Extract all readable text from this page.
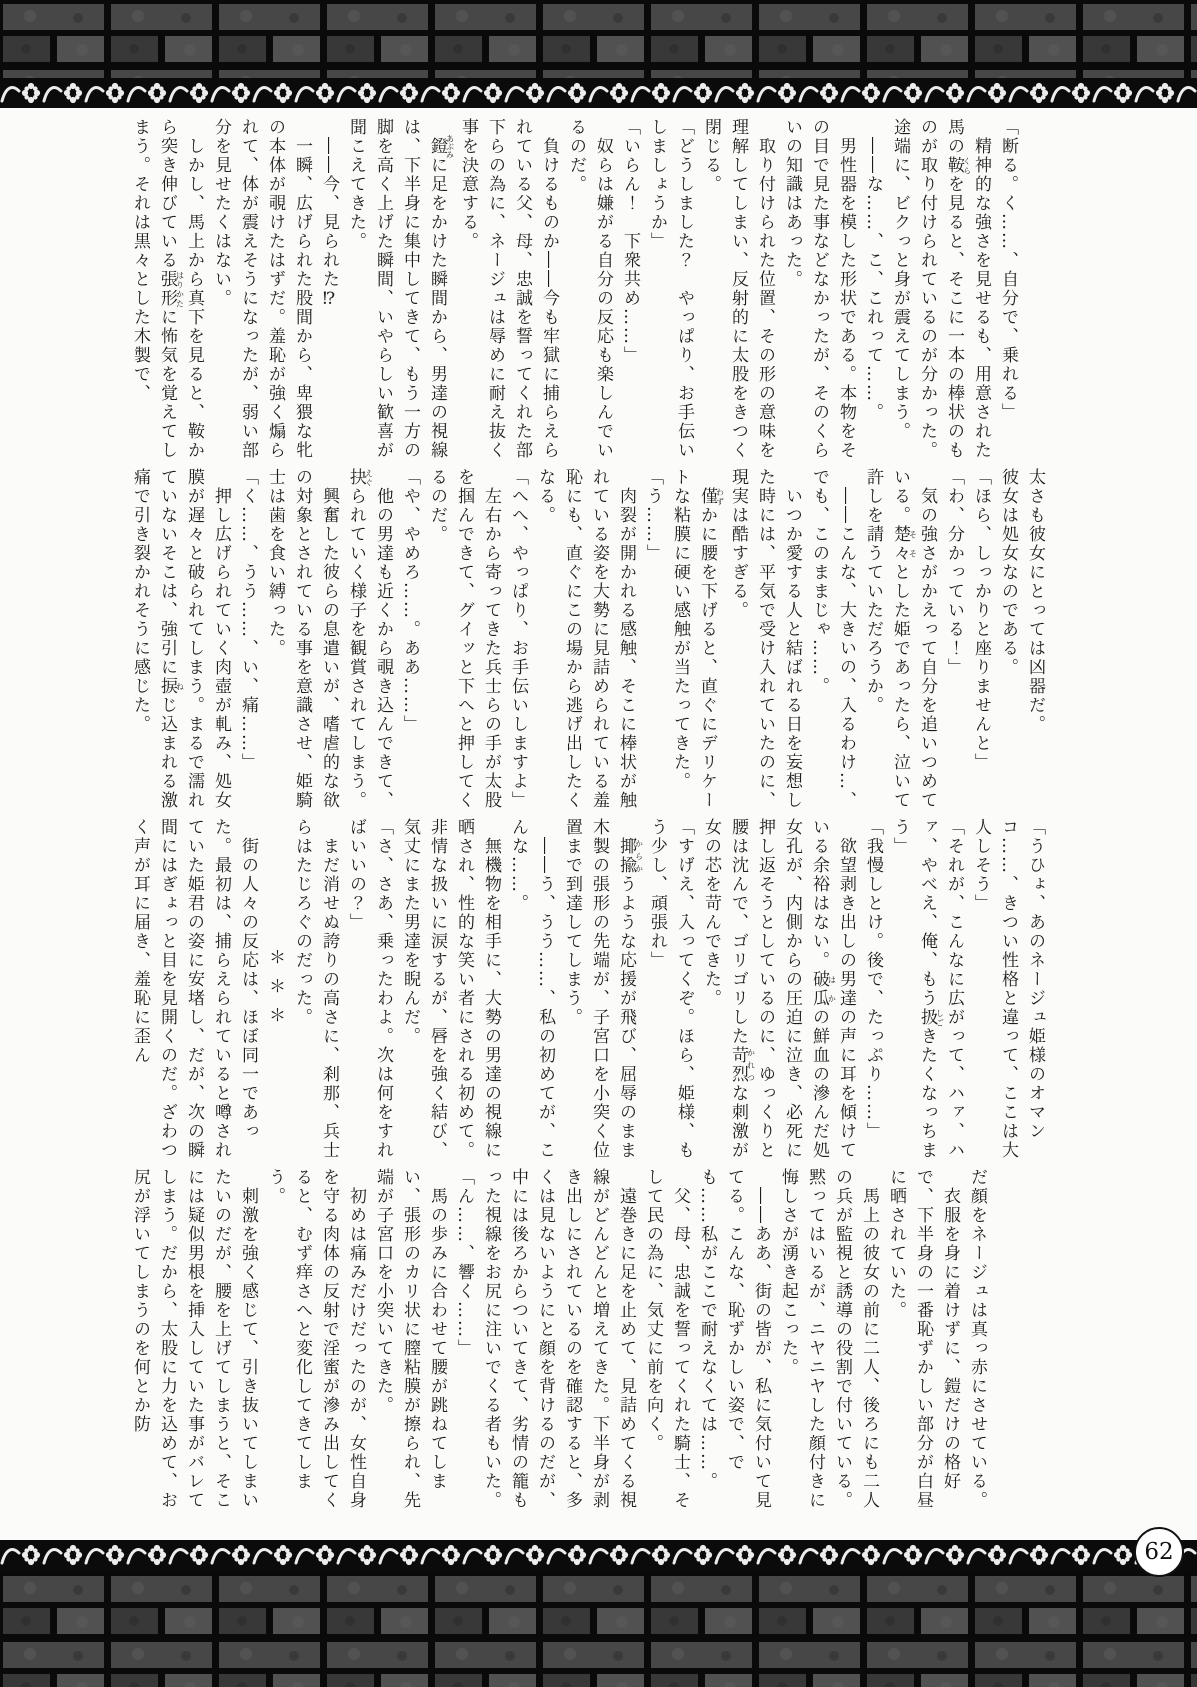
「断る。く……、自分で、乗れる」

　精神的な強さを見せるも、用意された馬の鞍くらを見ると、そこに一本の棒状のものが取り付けられているのが分かった。途端に、ビクっと身が震えてしまう。

　――な……、こ、これって……。

　男性器を模した形状である。本物をその目で見た事などなかったが、そのくらいの知識はあった。

　取り付けられた位置、その形の意味を理解してしまい、反射的に太股をきつく閉じる。

「どうしました？　やっぱり、お手伝いしましょうか」

「いらん！　下衆共め……」

　奴らは嫌がる自分の反応も楽しんでいるのだ。

　負けるものか――今も牢獄に捕らえられている父、母、忠誠を誓ってくれた部下らの為に、ネージュは辱めに耐え抜く事を決意する。

　鐙あぶみに足をかけた瞬間から、男達の視線は、下半身に集中してきて、もう一方の脚を高く上げた瞬間、いやらしい歓喜が聞こえてきた。

　――今、見られた⁉

　一瞬、広げられた股間から、卑猥な牝の本体が覗けたはずだ。羞恥が強く煽られて、体が震えそうになったが、弱い部分を見せたくはない。

　しかし、馬上から真下を見ると、鞍から突き伸びている張形はりかたに怖気を覚えてしまう。それは黒々とした木製で、

太さも彼女にとっては凶器だ。

彼女は処女なのである。

「ほら、しっかりと座りませんと」

「わ、分かっている！」

　気の強さがかえって自分を追いつめている。楚々そそとした姫であったら、泣いて許しを請うていただろうか。

　――こんな、大きいの、入るわけ…、でも、このままじゃ……。

　いつか愛する人と結ばれる日を妄想した時には、平気で受け入れていたのに、現実は酷すぎる。

　僅わずかに腰を下げると、直ぐにデリケートな粘膜に硬い感触が当たってきた。

「う……」

　肉裂が開かれる感触、そこに棒状が触れている姿を大勢に見詰められている羞恥にも、直ぐにこの場から逃げ出したくなる。

「へへ、やっぱり、お手伝いしますよ」

　左右から寄ってきた兵士らの手が太股を掴んできて、グイッと下へと押してくるのだ。

「や、やめろ……。ああ……」

　他の男達も近くから覗き込んできて、抉えぐられていく様子を観賞されてしまう。

　興奮した彼らの息遣いが、嗜虐的な欲の対象とされている事を意識させ、姫騎士は歯を食い縛った。

「く……、うう……、い、痛……」

　押し広げられていく肉壺が軋み、処女膜が遅々と破られてしまう。まるで濡れていないそこは、強引に捩ねじ込まれる激痛で引き裂かれそうに感じた。

「うひょ、あのネージュ姫様のオマンコ……、きつい性格と違って、ここは大人しそう」

「それが、こんなに広がって、ハァ、ハァ、やべえ、俺、もう扱しごきたくなっちまう」

「我慢しとけ。後で、たっぷり……」

　欲望剥き出しの男達の声に耳を傾けている余裕はない。破瓜はかの鮮血の滲んだ処女孔が、内側からの圧迫に泣き、必死に押し返そうとしているのに、ゆっくりと腰は沈んで、ゴリゴリした苛烈かれつな刺激が女の芯を苛んできた。

「すげえ、入ってくぞ。ほら、姫様、もう少し、頑張れ」

　揶揄からかうような応援が飛び、屈辱のまま木製の張形の先端が、子宮口を小突く位置まで到達してしまう。

　――う、うう……、私の初めてが、こんな……。

　無機物を相手に、大勢の男達の視線に晒され、性的な笑い者にされる初めて。非情な扱いに涙するが、唇を強く結び、気丈にまた男達を睨んだ。

「さ、さあ、乗ったわよ。次は何をすればいいの？」

　まだ消せぬ誇りの高さに、刹那、兵士らはたじろぐのだった。

＊＊＊

　街の人々の反応は、ほぼ同一であった。最初は、捕らえられていると噂されていた姫君の姿に安堵し、だが、次の瞬間にはぎょっと目を見開くのだ。ざわつく声が耳に届き、羞恥に歪ん

だ顔をネージュは真っ赤にさせている。

　衣服を身に着けずに、鎧だけの格好で、下半身の一番恥ずかしい部分が白昼に晒されていた。

　馬上の彼女の前に二人、後ろにも二人の兵が監視と誘導の役割で付いている。黙ってはいるが、ニヤニヤした顔付きに悔しさが湧き起こった。

　――ああ、街の皆が、私に気付いて見てる。こんな、恥ずかしい姿で、でも……私がここで耐えなくては……。

　父、母、忠誠を誓ってくれた騎士、そして民の為に、気丈に前を向く。

　遠巻きに足を止めて、見詰めてくる視線がどんどんと増えてきた。下半身が剥き出しにされているのを確認すると、多くは見ないようにと顔を背けるのだが、中には後ろからついてきて、劣情の籠もった視線をお尻に注いでくる者もいた。

「ん……、響く……」

　馬の歩みに合わせて腰が跳ねてしまい、張形のカリ状に膣粘膜が擦られ、先端が子宮口を小突いてきた。

　初めは痛みだけだったのが、女性自身を守る肉体の反射で淫蜜が滲み出してくると、むず痒さへと変化してきてしまう。

　刺激を強く感じて、引き抜いてしまいたいのだが、腰を上げてしまうと、そこには疑似男根を挿入していた事がバレてしまう。だから、太股に力を込めて、お尻が浮いてしまうのを何とか防

62
